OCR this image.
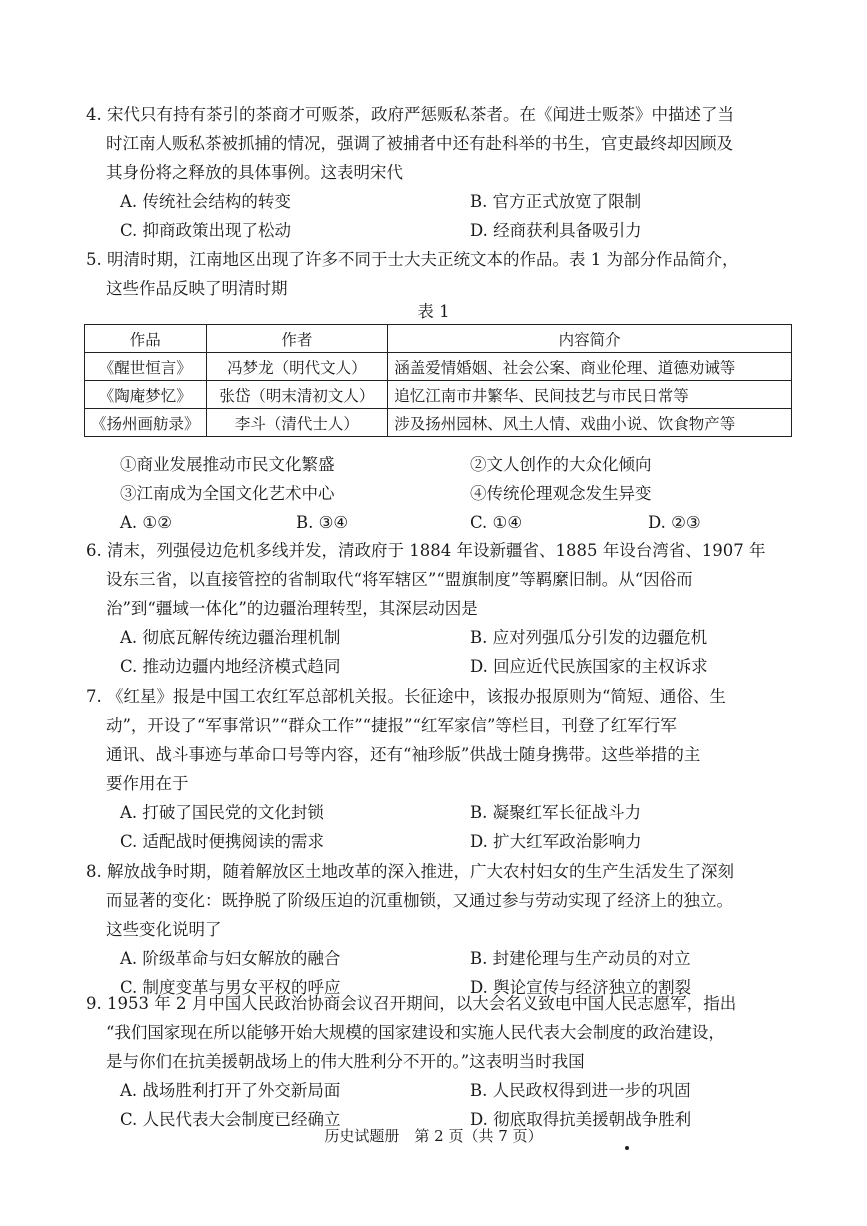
4. 宋代只有持有茶引的茶商才可贩茶，政府严惩贩私茶者。在《闻进士贩茶》中描述了当
时江南人贩私茶被抓捕的情况，强调了被捕者中还有赴科举的书生，官吏最终却因顾及
其身份将之释放的具体事例。这表明宋代
A. 传统社会结构的转变	B. 官方正式放宽了限制
C. 抑商政策出现了松动	D. 经商获利具备吸引力
5. 明清时期，江南地区出现了许多不同于士大夫正统文本的作品。表 1 为部分作品简介，
这些作品反映了明清时期
表 1
作品	作者	内容简介
《醒世恒言》	冯梦龙（明代文人）	涵盖爱情婚姻、社会公案、商业伦理、道德劝诫等
《陶庵梦忆》	张岱（明末清初文人）	追忆江南市井繁华、民间技艺与市民日常等
《扬州画舫录》	李斗（清代士人）	涉及扬州园林、风土人情、戏曲小说、饮食物产等
①商业发展推动市民文化繁盛	②文人创作的大众化倾向
③江南成为全国文化艺术中心	④传统伦理观念发生异变
A. ①②	B. ③④	C. ①④	D. ②③
6. 清末，列强侵边危机多线并发，清政府于 1884 年设新疆省、1885 年设台湾省、1907 年
设东三省，以直接管控的省制取代“将军辖区”“盟旗制度”等羁縻旧制。从“因俗而
治”到“疆域一体化”的边疆治理转型，其深层动因是
A. 彻底瓦解传统边疆治理机制	B. 应对列强瓜分引发的边疆危机
C. 推动边疆内地经济模式趋同	D. 回应近代民族国家的主权诉求
7. 《红星》报是中国工农红军总部机关报。长征途中，该报办报原则为“简短、通俗、生
动”，开设了“军事常识”“群众工作”“捷报”“红军家信”等栏目，刊登了红军行军
通讯、战斗事迹与革命口号等内容，还有“袖珍版”供战士随身携带。这些举措的主
要作用在于
A. 打破了国民党的文化封锁	B. 凝聚红军长征战斗力
C. 适配战时便携阅读的需求	D. 扩大红军政治影响力
8. 解放战争时期，随着解放区土地改革的深入推进，广大农村妇女的生产生活发生了深刻
而显著的变化：既挣脱了阶级压迫的沉重枷锁，又通过参与劳动实现了经济上的独立。
这些变化说明了
A. 阶级革命与妇女解放的融合	B. 封建伦理与生产动员的对立
C. 制度变革与男女平权的呼应	D. 舆论宣传与经济独立的割裂
9. 1953 年 2 月中国人民政治协商会议召开期间，以大会名义致电中国人民志愿军，指出
“我们国家现在所以能够开始大规模的国家建设和实施人民代表大会制度的政治建设，
是与你们在抗美援朝战场上的伟大胜利分不开的。”这表明当时我国
A. 战场胜利打开了外交新局面	B. 人民政权得到进一步的巩固
C. 人民代表大会制度已经确立	D. 彻底取得抗美援朝战争胜利
历史试题册　第 2 页（共 7 页）
